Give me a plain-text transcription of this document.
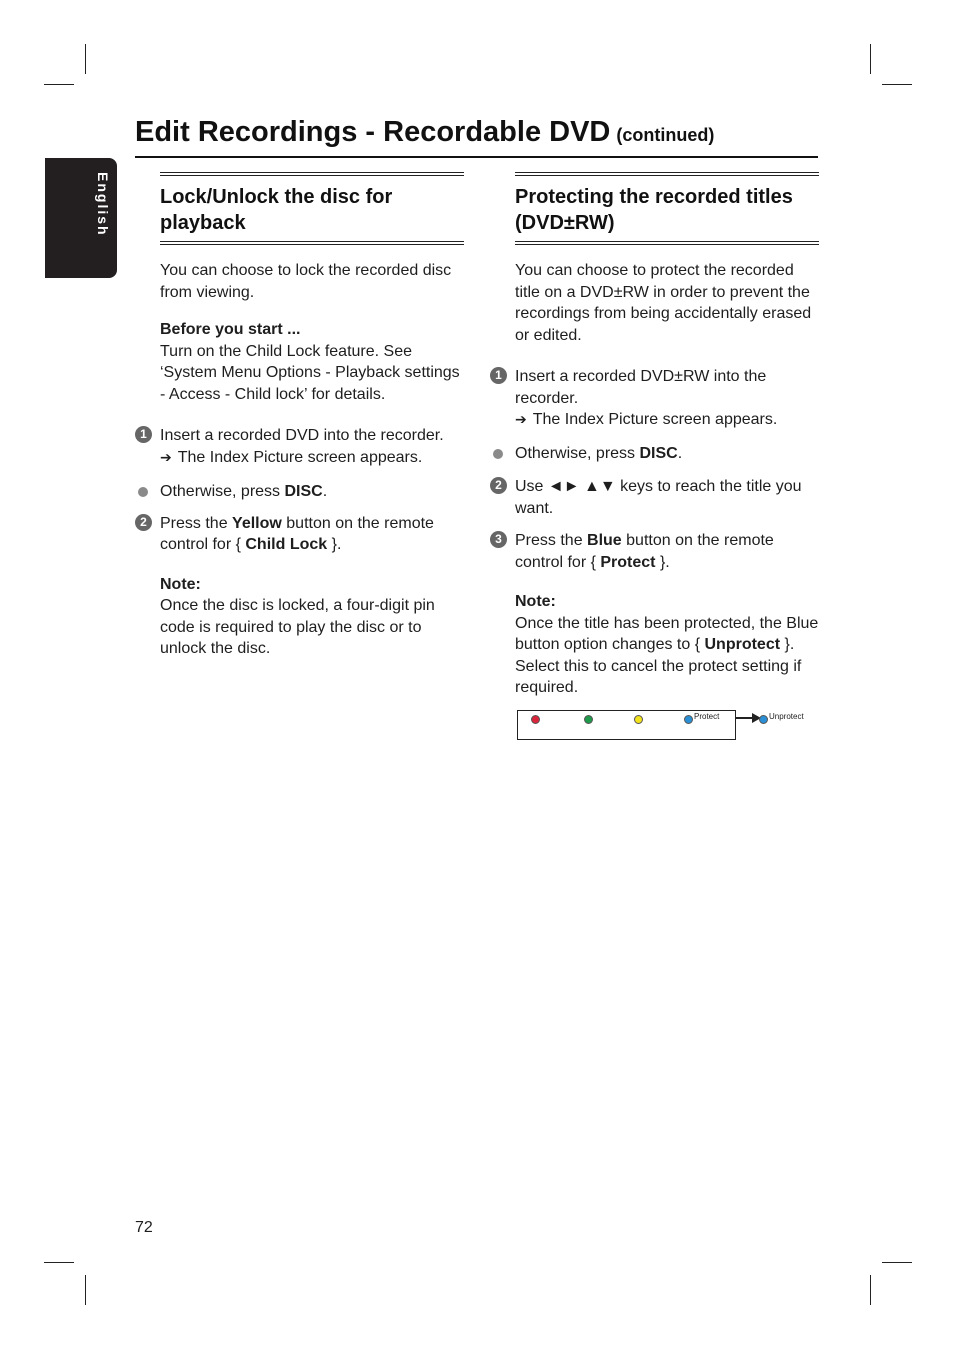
English
Edit Recordings - Recordable DVD (continued)
Lock/Unlock the disc for playback

You can choose to lock the recorded disc from viewing.

Before you start ...

Turn on the Child Lock feature. See ‘System Menu Options - Playback settings - Access - Child lock’ for details.

1 Insert a recorded DVD into the recorder.

➔ The Index Picture screen appears.

Otherwise, press DISC.

2 Press the Yellow button on the remote control for { Child Lock }.

Note:

Once the disc is locked, a four-digit pin code is required to play the disc or to unlock the disc.

Protecting the recorded titles (DVD±RW)

You can choose to protect the recorded title on a DVD±RW in order to prevent the recordings from being accidentally erased or edited.

1 Insert a recorded DVD±RW into the recorder.

➔ The Index Picture screen appears.

Otherwise, press DISC.

2 Use ◄► ▲▼ keys to reach the title you want.

3 Press the Blue button on the remote control for { Protect }.

Note:

Once the title has been protected, the Blue button option changes to { Unprotect }. Select this to cancel the protect setting if required.

Protect	Unprotect
72
